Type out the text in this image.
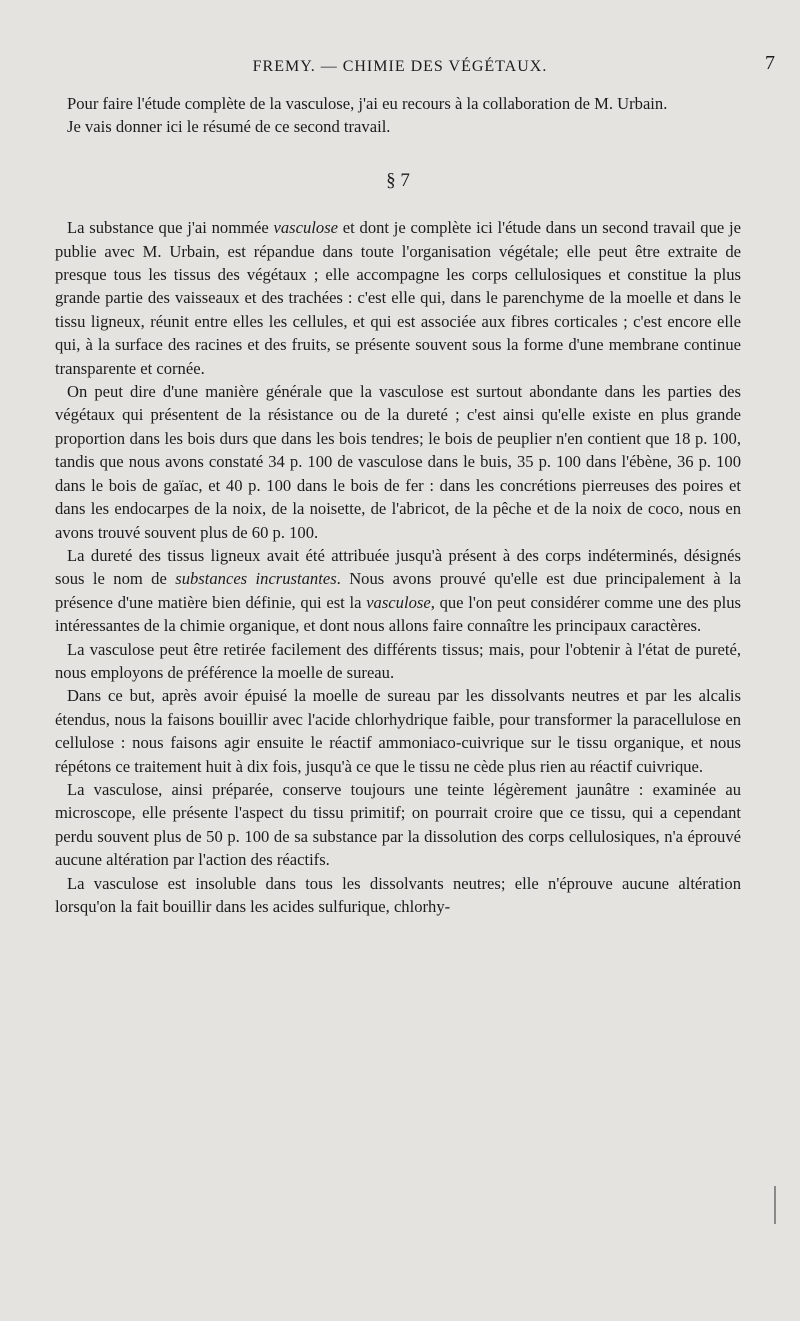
FREMY. — CHIMIE DES VÉGÉTAUX.	7

Pour faire l'étude complète de la vasculose, j'ai eu recours à la collaboration de M. Urbain.

Je vais donner ici le résumé de ce second travail.

§ 7

La substance que j'ai nommée vasculose et dont je complète ici l'étude dans un second travail que je publie avec M. Urbain, est répandue dans toute l'organisation végétale; elle peut être extraite de presque tous les tissus des végétaux ; elle accompagne les corps cellulosiques et constitue la plus grande partie des vaisseaux et des trachées : c'est elle qui, dans le parenchyme de la moelle et dans le tissu ligneux, réunit entre elles les cellules, et qui est associée aux fibres corticales ; c'est encore elle qui, à la surface des racines et des fruits, se présente souvent sous la forme d'une membrane continue transparente et cornée.

On peut dire d'une manière générale que la vasculose est surtout abondante dans les parties des végétaux qui présentent de la résistance ou de la dureté ; c'est ainsi qu'elle existe en plus grande proportion dans les bois durs que dans les bois tendres; le bois de peuplier n'en contient que 18 p. 100, tandis que nous avons constaté 34 p. 100 de vasculose dans le buis, 35 p. 100 dans l'ébène, 36 p. 100 dans le bois de gaïac, et 40 p. 100 dans le bois de fer : dans les concrétions pierreuses des poires et dans les endocarpes de la noix, de la noisette, de l'abricot, de la pêche et de la noix de coco, nous en avons trouvé souvent plus de 60 p. 100.

La dureté des tissus ligneux avait été attribuée jusqu'à présent à des corps indéterminés, désignés sous le nom de substances incrustantes. Nous avons prouvé qu'elle est due principalement à la présence d'une matière bien définie, qui est la vasculose, que l'on peut considérer comme une des plus intéressantes de la chimie organique, et dont nous allons faire connaître les principaux caractères.

La vasculose peut être retirée facilement des différents tissus; mais, pour l'obtenir à l'état de pureté, nous employons de préférence la moelle de sureau.

Dans ce but, après avoir épuisé la moelle de sureau par les dissolvants neutres et par les alcalis étendus, nous la faisons bouillir avec l'acide chlorhydrique faible, pour transformer la paracellulose en cellulose : nous faisons agir ensuite le réactif ammoniaco-cuivrique sur le tissu organique, et nous répétons ce traitement huit à dix fois, jusqu'à ce que le tissu ne cède plus rien au réactif cuivrique.

La vasculose, ainsi préparée, conserve toujours une teinte légèrement jaunâtre : examinée au microscope, elle présente l'aspect du tissu primitif; on pourrait croire que ce tissu, qui a cependant perdu souvent plus de 50 p. 100 de sa substance par la dissolution des corps cellulosiques, n'a éprouvé aucune altération par l'action des réactifs.

La vasculose est insoluble dans tous les dissolvants neutres; elle n'éprouve aucune altération lorsqu'on la fait bouillir dans les acides sulfurique, chlorhy-
